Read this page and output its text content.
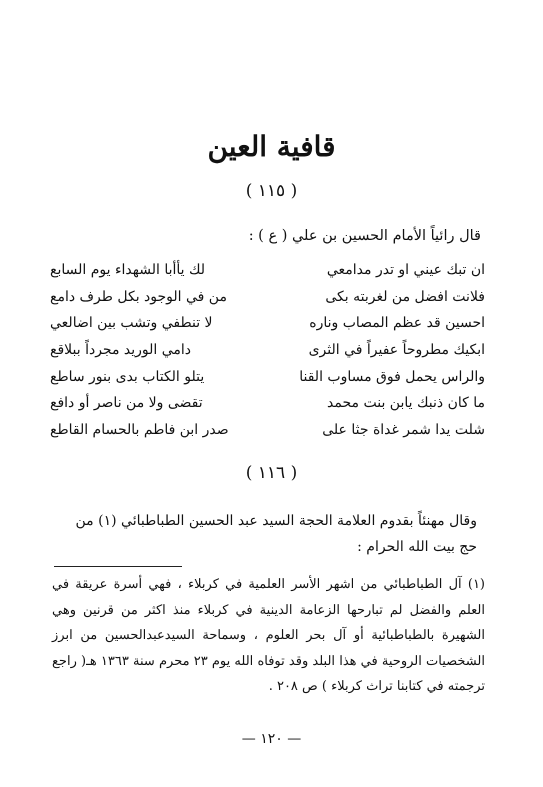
قافية العين
( ١١٥ )
قال رائياً الأمام الحسين بن علي ( ع ) :
ان تبك عيني او تدر مدامعي
لك يأأبا الشهداء يوم السابع
فلانت افضل من لغربته بكى
من في الوجود بكل طرف دامع
احسين قد عظم المصاب وناره
لا تنطفي وتشب بين اضالعي
ابكيك مطروحاً عفيراً في الثرى
دامي الوريد مجرداً ببلاقع
والراس يحمل فوق مساوب القنا
يتلو الكتاب بدى بنور ساطع
ما كان ذنبك يابن بنت محمد
تقضى ولا من ناصر أو دافع
شلت يدا شمر غداة جثا على
صدر ابن فاطم بالحسام القاطع
( ١١٦ )
وقال مهنئاً بقدوم العلامة الحجة السيد عبد الحسين الطباطبائي (١) من حج بيت الله الحرام :
(١) آل الطباطبائي من اشهر الأسر العلمية في كربلاء ، فهي أسرة عريقة في العلم والفضل لم تبارحها الزعامة الدينية في كربلاء منذ اكثر من قرنين وهي الشهيرة بالطباطبائية أو آل بحر العلوم ، وسماحة السيدعبدالحسين من ابرز الشخصيات الروحية في هذا البلد وقد توفاه الله يوم ٢٣ محرم سنة ١٣٦٣ هـ( راجع ترجمته في كتابنا تراث كربلاء ) ص ٢٠٨ .
— ١٢٠ —
